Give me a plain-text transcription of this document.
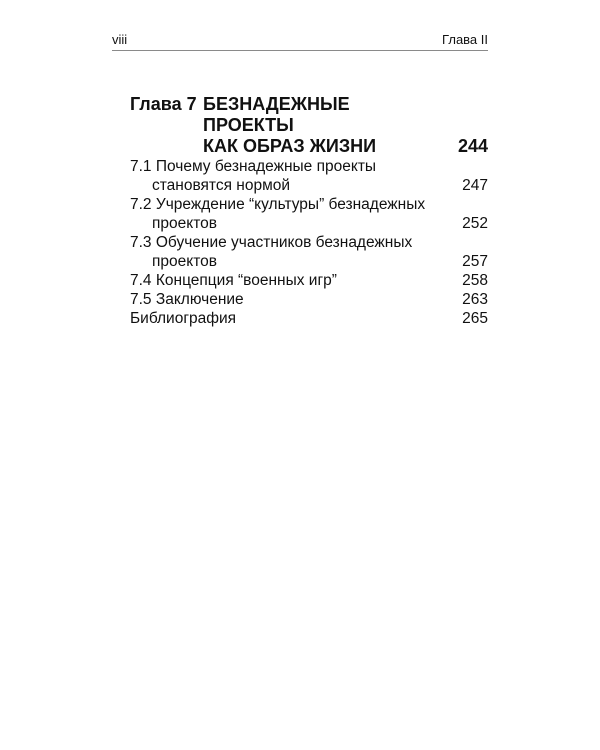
viii	Глава II
Глава 7 БЕЗНАДЕЖНЫЕ
ПРОЕКТЫ
КАК ОБРАЗ ЖИЗНИ	244
7.1 Почему безнадежные проекты
становятся нормой	247
7.2 Учреждение “культуры” безнадежных
проектов	252
7.3 Обучение участников безнадежных
проектов	257
7.4 Концепция “военных игр”	258
7.5 Заключение	263
Библиография	265
